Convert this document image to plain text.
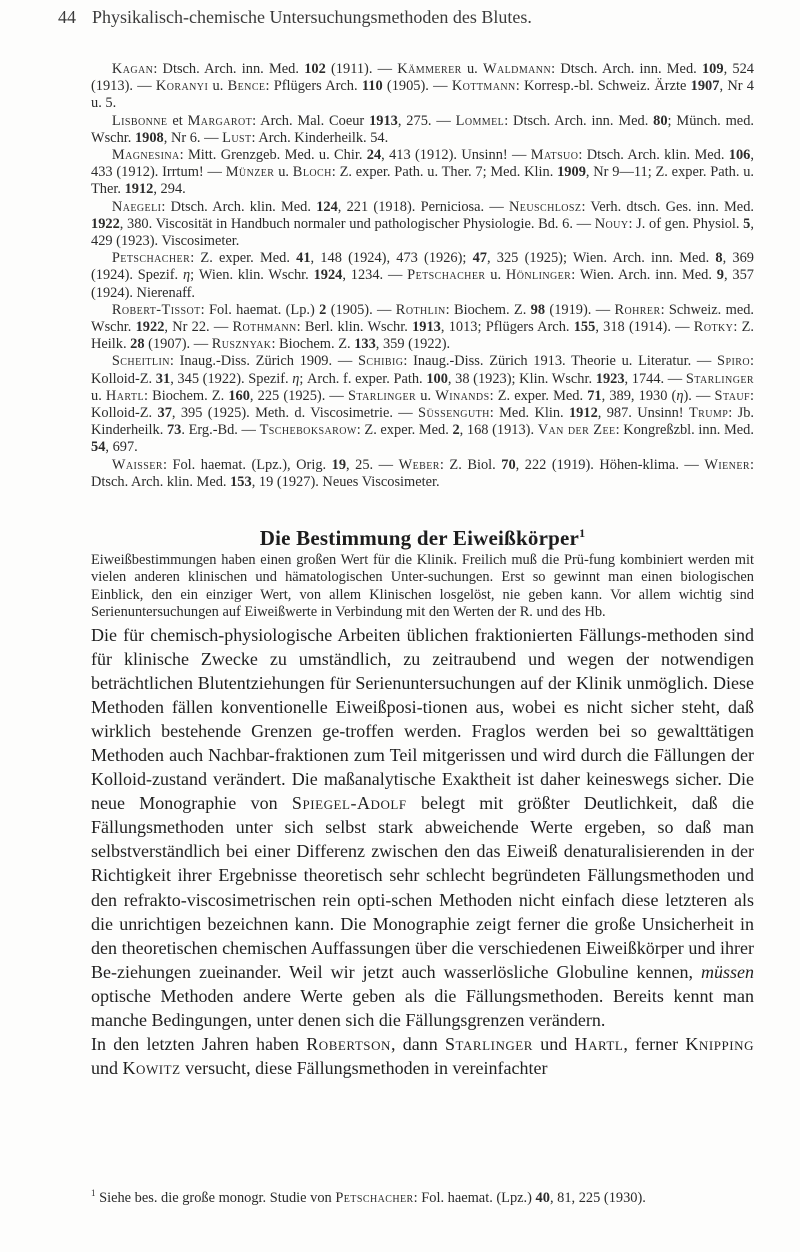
44 Physikalisch-chemische Untersuchungsmethoden des Blutes.

Kagan: Dtsch. Arch. inn. Med. 102 (1911). — Kämmerer u. Waldmann: Dtsch. Arch. inn. Med. 109, 524 (1913). — Koranyi u. Bence: Pflügers Arch. 110 (1905). — Kottmann: Korresp.-bl. Schweiz. Ärzte 1907, Nr 4 u. 5.

Lisbonne et Margarot: Arch. Mal. Coeur 1913, 275. — Lommel: Dtsch. Arch. inn. Med. 80; Münch. med. Wschr. 1908, Nr 6. — Lust: Arch. Kinderheilk. 54.

Magnesina: Mitt. Grenzgeb. Med. u. Chir. 24, 413 (1912). Unsinn! — Matsuo: Dtsch. Arch. klin. Med. 106, 433 (1912). Irrtum! — Münzer u. Bloch: Z. exper. Path. u. Ther. 7; Med. Klin. 1909, Nr 9—11; Z. exper. Path. u. Ther. 1912, 294.

Naegeli: Dtsch. Arch. klin. Med. 124, 221 (1918). Perniciosa. — Neuschlosz: Verh. dtsch. Ges. inn. Med. 1922, 380. Viscosität in Handbuch normaler und pathologischer Physiologie. Bd. 6. — Nouy: J. of gen. Physiol. 5, 429 (1923). Viscosimeter.

Petschacher: Z. exper. Med. 41, 148 (1924), 473 (1926); 47, 325 (1925); Wien. Arch. inn. Med. 8, 369 (1924). Spezif. η; Wien. klin. Wschr. 1924, 1234. — Petschacher u. Hönlinger: Wien. Arch. inn. Med. 9, 357 (1924). Nierenaff.

Robert-Tissot: Fol. haemat. (Lp.) 2 (1905). — Rothlin: Biochem. Z. 98 (1919). — Rohrer: Schweiz. med. Wschr. 1922, Nr 22. — Rothmann: Berl. klin. Wschr. 1913, 1013; Pflügers Arch. 155, 318 (1914). — Rotky: Z. Heilk. 28 (1907). — Rusznyak: Biochem. Z. 133, 359 (1922).

Scheitlin: Inaug.-Diss. Zürich 1909. — Schibig: Inaug.-Diss. Zürich 1913. Theorie u. Literatur. — Spiro: Kolloid-Z. 31, 345 (1922). Spezif. η; Arch. f. exper. Path. 100, 38 (1923); Klin. Wschr. 1923, 1744. — Starlinger u. Hartl: Biochem. Z. 160, 225 (1925). — Starlinger u. Winands: Z. exper. Med. 71, 389, 1930 (η). — Stauf: Kolloid-Z. 37, 395 (1925). Meth. d. Viscosimetrie. — Süssenguth: Med. Klin. 1912, 987. Unsinn! Trump: Jb. Kinderheilk. 73. Erg.-Bd. — Tscheboksarow: Z. exper. Med. 2, 168 (1913). Van der Zee: Kongreßzbl. inn. Med. 54, 697.

Waisser: Fol. haemat. (Lpz.), Orig. 19, 25. — Weber: Z. Biol. 70, 222 (1919). Höhen-klima. — Wiener: Dtsch. Arch. klin. Med. 153, 19 (1927). Neues Viscosimeter.

Die Bestimmung der Eiweißkörper$^1$

Eiweißbestimmungen haben einen großen Wert für die Klinik. Freilich muß die Prü-fung kombiniert werden mit vielen anderen klinischen und hämatologischen Unter-suchungen. Erst so gewinnt man einen biologischen Einblick, den ein einziger Wert, von allem Klinischen losgelöst, nie geben kann. Vor allem wichtig sind Serienuntersuchungen auf Eiweißwerte in Verbindung mit den Werten der R. und des Hb.

Die für chemisch-physiologische Arbeiten üblichen fraktionierten Fällungs-methoden sind für klinische Zwecke zu umständlich, zu zeitraubend und wegen der notwendigen beträchtlichen Blutentziehungen für Serienuntersuchungen auf der Klinik unmöglich. Diese Methoden fällen konventionelle Eiweißposi-tionen aus, wobei es nicht sicher steht, daß wirklich bestehende Grenzen ge-troffen werden. Fraglos werden bei so gewalttätigen Methoden auch Nachbar-fraktionen zum Teil mitgerissen und wird durch die Fällungen der Kolloid-zustand verändert. Die maßanalytische Exaktheit ist daher keineswegs sicher. Die neue Monographie von Spiegel-Adolf belegt mit größter Deutlichkeit, daß die Fällungsmethoden unter sich selbst stark abweichende Werte ergeben, so daß man selbstverständlich bei einer Differenz zwischen den das Eiweiß denaturalisierenden in der Richtigkeit ihrer Ergebnisse theoretisch sehr schlecht begründeten Fällungsmethoden und den refrakto-viscosimetrischen rein opti-schen Methoden nicht einfach diese letzteren als die unrichtigen bezeichnen kann. Die Monographie zeigt ferner die große Unsicherheit in den theoretischen chemischen Auffassungen über die verschiedenen Eiweißkörper und ihrer Be-ziehungen zueinander. Weil wir jetzt auch wasserlösliche Globuline kennen, müssen optische Methoden andere Werte geben als die Fällungsmethoden. Bereits kennt man manche Bedingungen, unter denen sich die Fällungsgrenzen verändern.

In den letzten Jahren haben Robertson, dann Starlinger und Hartl, ferner Knipping und Kowitz versucht, diese Fällungsmethoden in vereinfachter

$^1$ Siehe bes. die große monogr. Studie von Petschacher: Fol. haemat. (Lpz.) 40, 81, 225 (1930).
